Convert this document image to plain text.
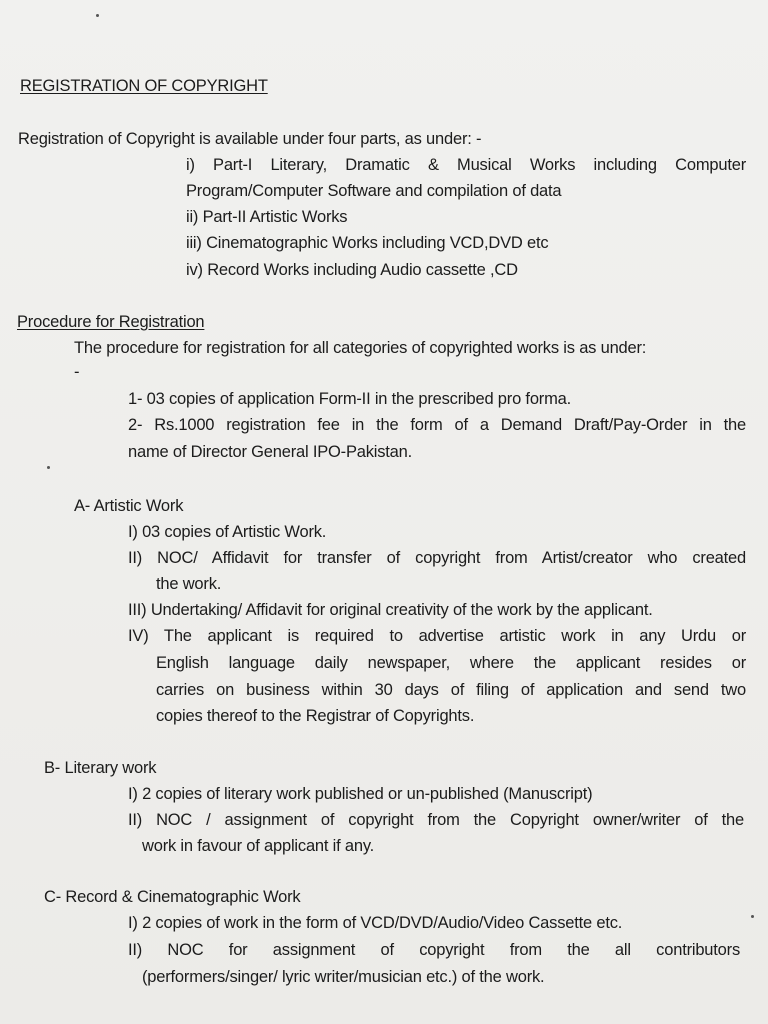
REGISTRATION OF COPYRIGHT
Registration of Copyright is available under four parts, as under: -
i) Part-I Literary, Dramatic & Musical Works including Computer
Program/Computer Software and compilation of data
ii) Part-II Artistic Works
iii) Cinematographic Works including VCD,DVD etc
iv) Record Works including Audio cassette ,CD
Procedure for Registration
The procedure for registration for all categories of copyrighted works is as under:
-
1- 03 copies of application Form-II in the prescribed pro forma.
2- Rs.1000 registration fee in the form of a Demand Draft/Pay-Order in the
name of Director General IPO-Pakistan.
A- Artistic Work
I) 03 copies of Artistic Work.
II) NOC/ Affidavit for transfer of copyright from Artist/creator who created
the work.
III) Undertaking/ Affidavit for original creativity of the work by the applicant.
IV) The applicant is required to advertise artistic work in any Urdu or
English language daily newspaper, where the applicant resides or
carries on business within 30 days of filing of application and send two
copies thereof to the Registrar of Copyrights.
B- Literary work
I) 2 copies of literary work published or un-published (Manuscript)
II) NOC / assignment of copyright from the Copyright owner/writer of the
work in favour of applicant if any.
C- Record & Cinematographic Work
I) 2 copies of work in the form of VCD/DVD/Audio/Video Cassette etc.
II) NOC for assignment of copyright from the all contributors
(performers/singer/ lyric writer/musician etc.) of the work.
